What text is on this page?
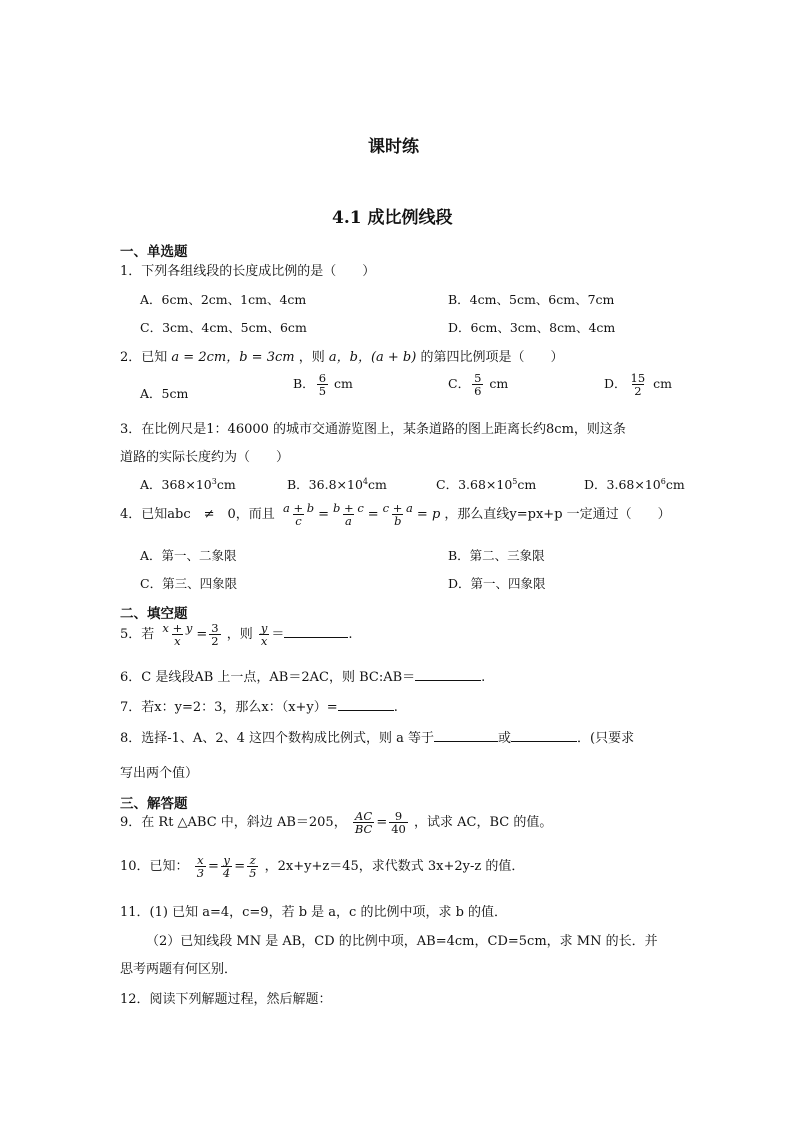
课时练
4.1 成比例线段
一、单选题
1．下列各组线段的长度成比例的是（　　）
A．6cm、2cm、1cm、4cm	B．4cm、5cm、6cm、7cm
C．3cm、4cm、5cm、6cm	D．6cm、3cm、8cm、4cm
2．已知 a = 2cm，b = 3cm ，则 a，b，(a + b) 的第四比例项是（　　）
A．5cm
B． $\frac{6}{5}$ cm	C． $\frac{5}{6}$ cm	D． $\frac{15}{2}$ cm
3．在比例尺是1：46000 的城市交通游览图上，某条道路的图上距离长约8cm，则这条
道路的实际长度约为（　　）
A．$368\times 10^3cm$	B．$36.8\times 10^4cm$	C．$3.68\times 10^5cm$	D．$3.68\times 10^6cm$
4．已知abc　≠　0，而且 $\frac{a + b}{c} = \frac{b + c}{a} = \frac{c + a}{b} = p$ ，那么直线y=px+p 一定通过（　　）
A．第一、二象限	B．第二、三象限
C．第三、四象限	D．第一、四象限
二、填空题
5．若 $\frac{x + y}{x} = \frac{3}{2}$ ，则 $\frac{y}{x}$ ＝	.
6．C 是线段AB 上一点，AB＝2AC，则 BC:AB＝	.
7．若x：y=2：3，那么x：（x+y）=	.
8．选择-1、A、2、4 这四个数构成比例式，则 a 等于	或	．(只要求
写出两个值）
三、解答题
9．在 Rt △ABC 中，斜边 AB＝205， $\frac{AC}{BC} = \frac{9}{40}$ ，试求 AC，BC 的值。
10．已知： $\frac{x}{3} = \frac{y}{4} = \frac{z}{5}$ ，2x+y+z＝45，求代数式 3x+2y-z 的值．
11．(1) 已知 a=4，c=9，若 b 是 a，c 的比例中项，求 b 的值．
（2）已知线段 MN 是 AB，CD 的比例中项，AB=4cm，CD=5cm，求 MN 的长．并
思考两题有何区别．
12．阅读下列解题过程，然后解题：
